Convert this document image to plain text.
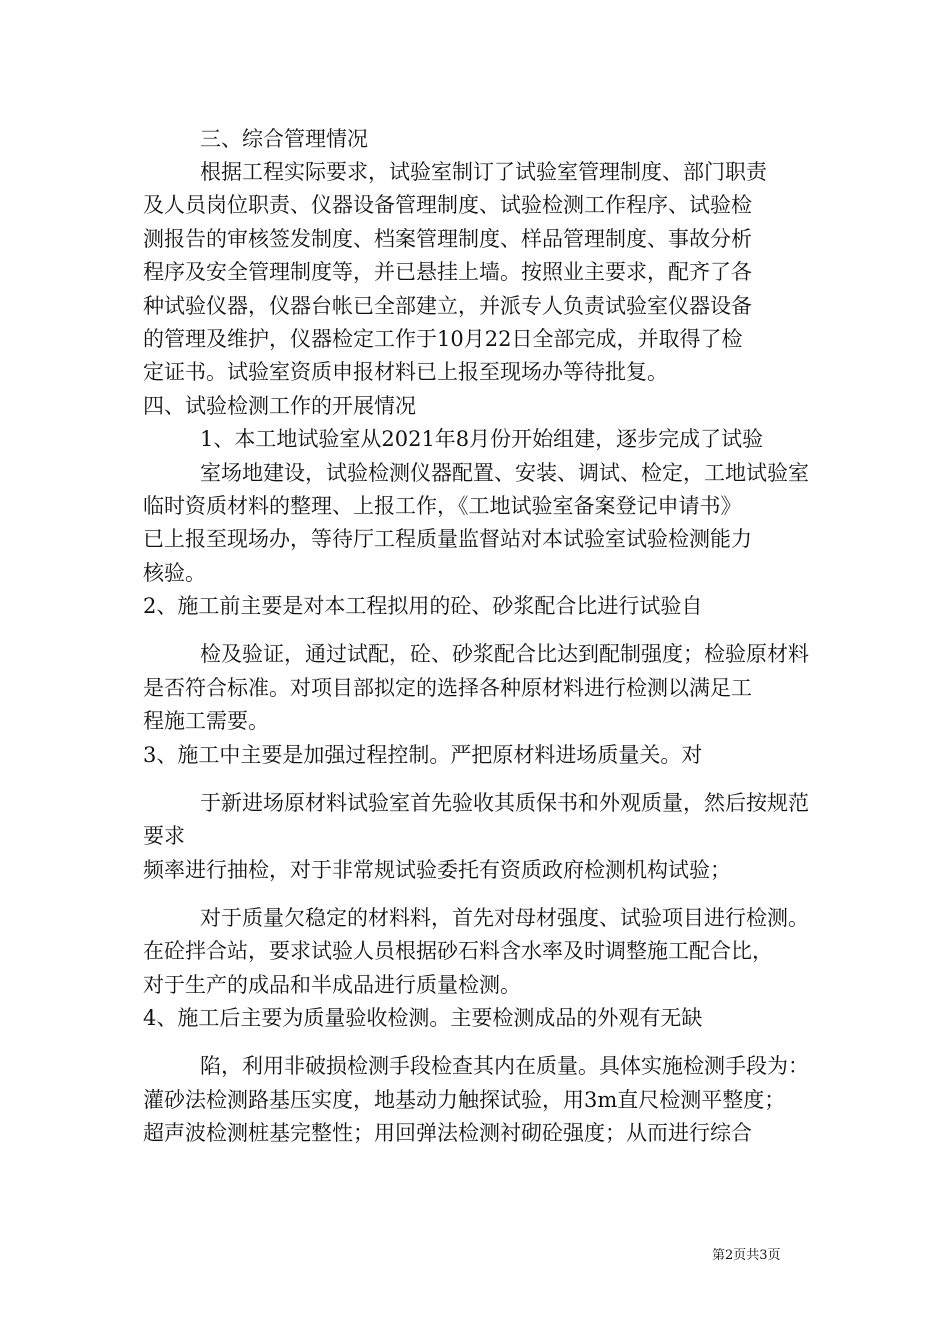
三、综合管理情况
根据工程实际要求，试验室制订了试验室管理制度、部门职责
及人员岗位职责、仪器设备管理制度、试验检测工作程序、试验检
测报告的审核签发制度、档案管理制度、样品管理制度、事故分析
程序及安全管理制度等，并已悬挂上墙。按照业主要求，配齐了各
种试验仪器，仪器台帐已全部建立，并派专人负责试验室仪器设备
的管理及维护，仪器检定工作于10月22日全部完成，并取得了检
定证书。试验室资质申报材料已上报至现场办等待批复。
四、试验检测工作的开展情况
1、本工地试验室从2021年8月份开始组建，逐步完成了试验
室场地建设，试验检测仪器配置、安装、调试、检定，工地试验室
临时资质材料的整理、上报工作，《工地试验室备案登记申请书》
已上报至现场办，等待厅工程质量监督站对本试验室试验检测能力
核验。
2、施工前主要是对本工程拟用的砼、砂浆配合比进行试验自
检及验证，通过试配，砼、砂浆配合比达到配制强度；检验原材料
是否符合标准。对项目部拟定的选择各种原材料进行检测以满足工
程施工需要。
3、施工中主要是加强过程控制。严把原材料进场质量关。对
于新进场原材料试验室首先验收其质保书和外观质量，然后按规范
要求
频率进行抽检，对于非常规试验委托有资质政府检测机构试验；
对于质量欠稳定的材料料，首先对母材强度、试验项目进行检测。
在砼拌合站，要求试验人员根据砂石料含水率及时调整施工配合比，
对于生产的成品和半成品进行质量检测。
4、施工后主要为质量验收检测。主要检测成品的外观有无缺
陷，利用非破损检测手段检查其内在质量。具体实施检测手段为：
灌砂法检测路基压实度，地基动力触探试验，用3m直尺检测平整度；
超声波检测桩基完整性；用回弹法检测衬砌砼强度；从而进行综合
第2页共3页
